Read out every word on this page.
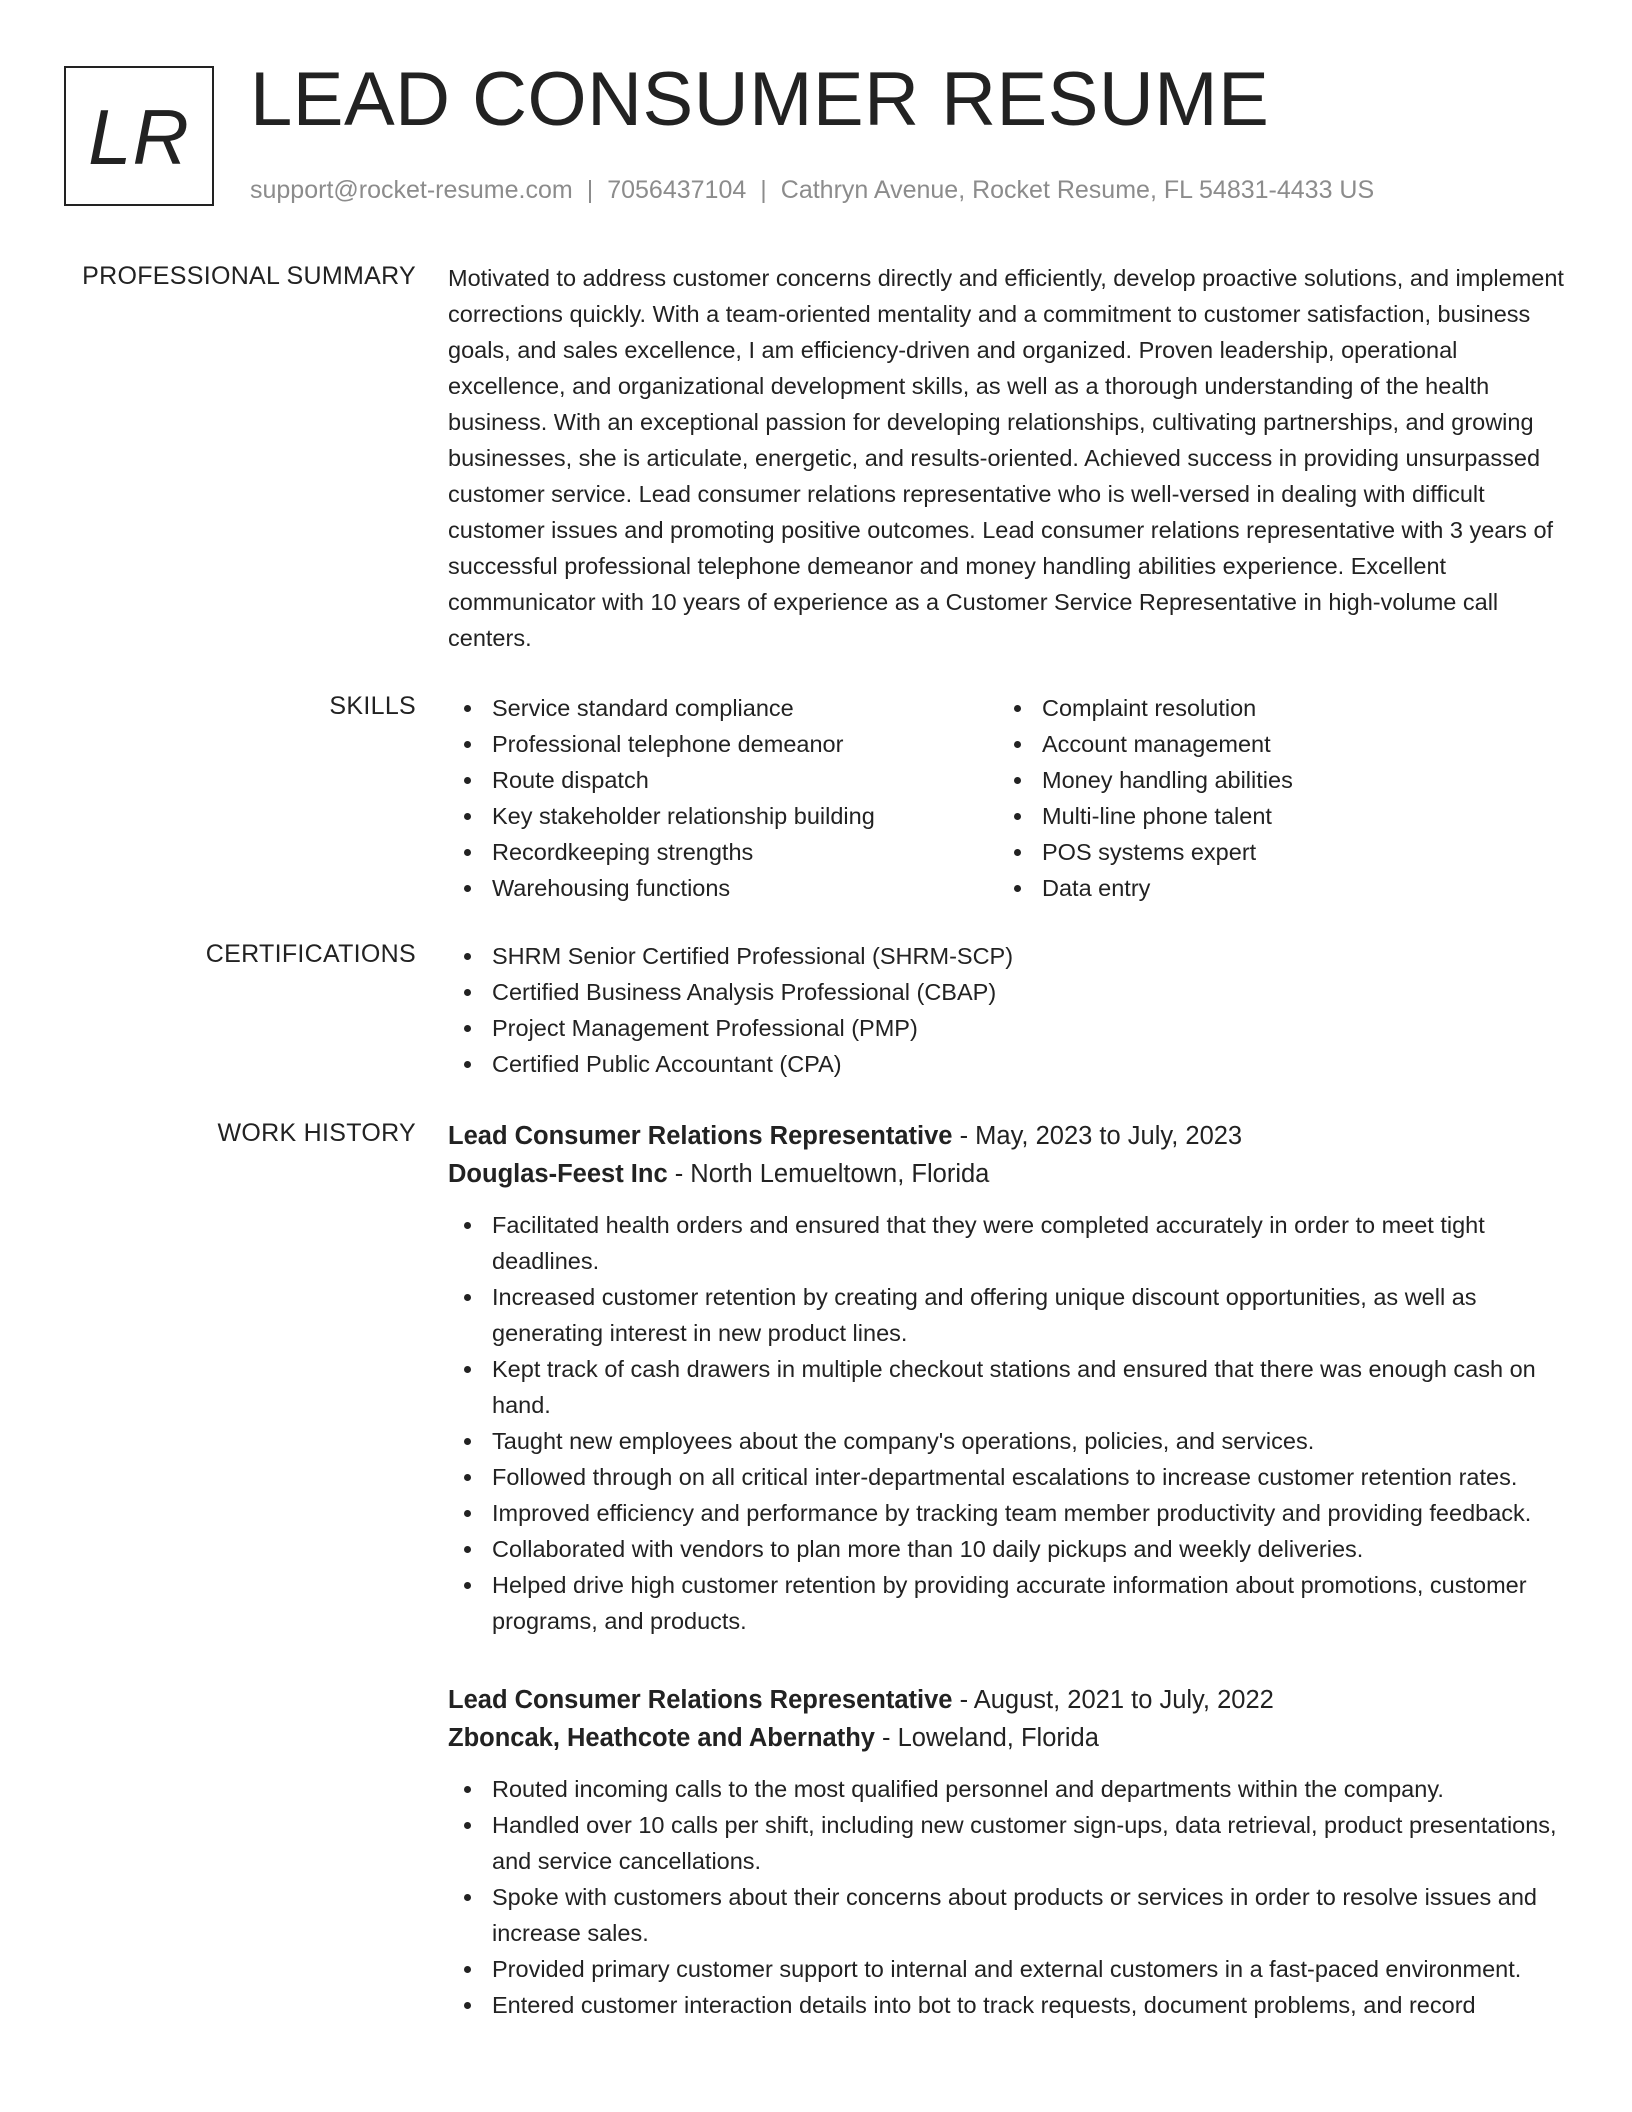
LR LEAD CONSUMER RESUME
support@rocket-resume.com | 7056437104 | Cathryn Avenue, Rocket Resume, FL 54831-4433 US
PROFESSIONAL SUMMARY Motivated to address customer concerns directly and efficiently, develop proactive solutions, and implement corrections quickly. With a team-oriented mentality and a commitment to customer satisfaction, business goals, and sales excellence, I am efficiency-driven and organized. Proven leadership, operational excellence, and organizational development skills, as well as a thorough understanding of the health business. With an exceptional passion for developing relationships, cultivating partnerships, and growing businesses, she is articulate, energetic, and results-oriented. Achieved success in providing unsurpassed customer service. Lead consumer relations representative who is well-versed in dealing with difficult customer issues and promoting positive outcomes. Lead consumer relations representative with 3 years of successful professional telephone demeanor and money handling abilities experience. Excellent communicator with 10 years of experience as a Customer Service Representative in high-volume call centers.

SKILLS	Service standard compliance
Professional telephone demeanor
Route dispatch
Key stakeholder relationship building
Recordkeeping strengths
Warehousing functions
Complaint resolution
Account management
Money handling abilities
Multi-line phone talent
POS systems expert
Data entry
CERTIFICATIONS	SHRM Senior Certified Professional (SHRM-SCP)
Certified Business Analysis Professional (CBAP)
Project Management Professional (PMP)
Certified Public Accountant (CPA)
WORK HISTORY Lead Consumer Relations Representative - May, 2023 to July, 2023
Douglas-Feest Inc - North Lemueltown, Florida
Facilitated health orders and ensured that they were completed accurately in order to meet tight deadlines.
Increased customer retention by creating and offering unique discount opportunities, as well as generating interest in new product lines.
Kept track of cash drawers in multiple checkout stations and ensured that there was enough cash on hand.
Taught new employees about the company's operations, policies, and services.
Followed through on all critical inter-departmental escalations to increase customer retention rates.
Improved efficiency and performance by tracking team member productivity and providing feedback.
Collaborated with vendors to plan more than 10 daily pickups and weekly deliveries.
Helped drive high customer retention by providing accurate information about promotions, customer programs, and products.
Lead Consumer Relations Representative - August, 2021 to July, 2022
Zboncak, Heathcote and Abernathy - Loweland, Florida
Routed incoming calls to the most qualified personnel and departments within the company.
Handled over 10 calls per shift, including new customer sign-ups, data retrieval, product presentations, and service cancellations.
Spoke with customers about their concerns about products or services in order to resolve issues and increase sales.
Provided primary customer support to internal and external customers in a fast-paced environment.
Entered customer interaction details into bot to track requests, document problems, and record
